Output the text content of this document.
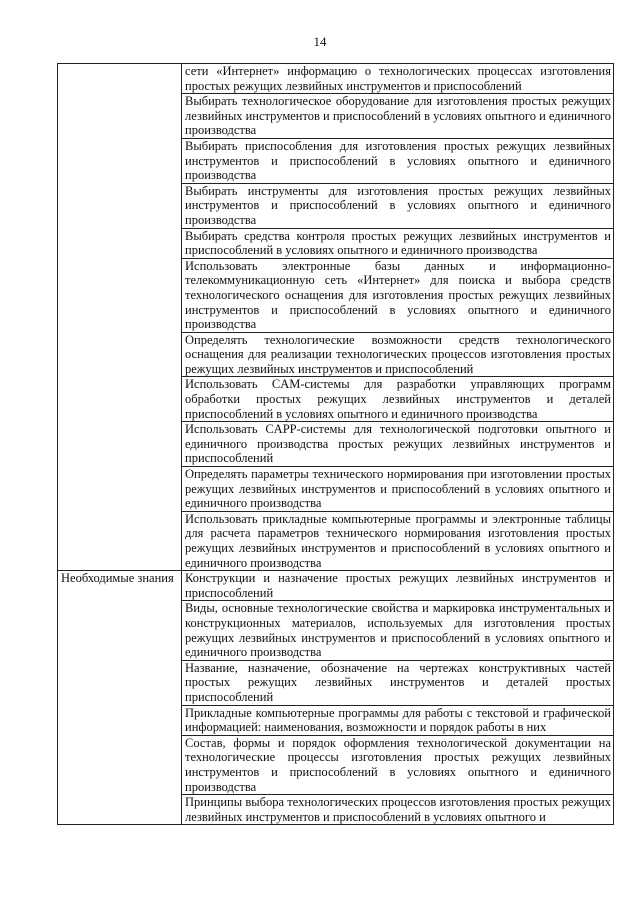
14

	сети «Интернет» информацию о технологических процессах изготовления простых режущих лезвийных инструментов и приспособлений

	Выбирать технологическое оборудование для изготовления простых режущих лезвийных инструментов и приспособлений в условиях опытного и единичного производства

	Выбирать приспособления для изготовления простых режущих лезвийных инструментов и приспособлений в условиях опытного и единичного производства

	Выбирать инструменты для изготовления простых режущих лезвийных инструментов и приспособлений в условиях опытного и единичного производства

	Выбирать средства контроля простых режущих лезвийных инструментов и приспособлений в условиях опытного и единичного производства

	Использовать электронные базы данных и информационно-телекоммуникационную сеть «Интернет» для поиска и выбора средств технологического оснащения для изготовления простых режущих лезвийных инструментов и приспособлений в условиях опытного и единичного производства

	Определять технологические возможности средств технологического оснащения для реализации технологических процессов изготовления простых режущих лезвийных инструментов и приспособлений

	Использовать CAM-системы для разработки управляющих программ обработки простых режущих лезвийных инструментов и деталей приспособлений в условиях опытного и единичного производства

	Использовать CAPP-системы для технологической подготовки опытного и единичного производства простых режущих лезвийных инструментов и приспособлений

	Определять параметры технического нормирования при изготовлении простых режущих лезвийных инструментов и приспособлений в условиях опытного и единичного производства

	Использовать прикладные компьютерные программы и электронные таблицы для расчета параметров технического нормирования изготовления простых режущих лезвийных инструментов и приспособлений в условиях опытного и единичного производства

Необходимые знания	Конструкции и назначение простых режущих лезвийных инструментов и приспособлений

	Виды, основные технологические свойства и маркировка инструментальных и конструкционных материалов, используемых для изготовления простых режущих лезвийных инструментов и приспособлений в условиях опытного и единичного производства

	Название, назначение, обозначение на чертежах конструктивных частей простых режущих лезвийных инструментов и деталей простых приспособлений

	Прикладные компьютерные программы для работы с текстовой и графической информацией: наименования, возможности и порядок работы в них

	Состав, формы и порядок оформления технологической документации на технологические процессы изготовления простых режущих лезвийных инструментов и приспособлений в условиях опытного и единичного производства

	Принципы выбора технологических процессов изготовления простых режущих лезвийных инструментов и приспособлений в условиях опытного и
